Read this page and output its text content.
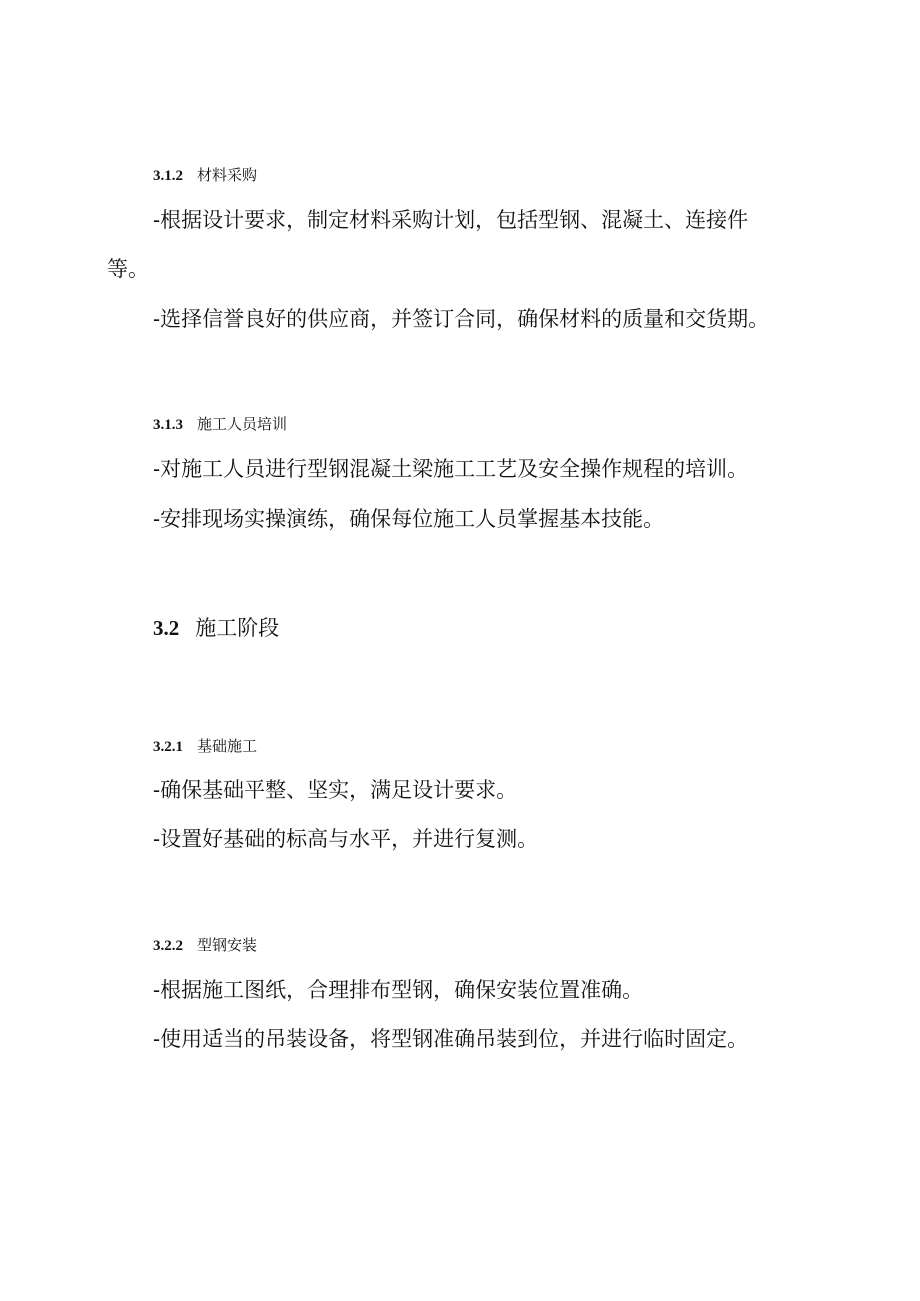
3.1.2 材料采购
-根据设计要求，制定材料采购计划，包括型钢、混凝土、连接件
等。
-选择信誉良好的供应商，并签订合同，确保材料的质量和交货期。
3.1.3 施工人员培训
-对施工人员进行型钢混凝土梁施工工艺及安全操作规程的培训。
-安排现场实操演练，确保每位施工人员掌握基本技能。
3.2 施工阶段
3.2.1 基础施工
-确保基础平整、坚实，满足设计要求。
-设置好基础的标高与水平，并进行复测。
3.2.2 型钢安装
-根据施工图纸，合理排布型钢，确保安装位置准确。
-使用适当的吊装设备，将型钢准确吊装到位，并进行临时固定。
